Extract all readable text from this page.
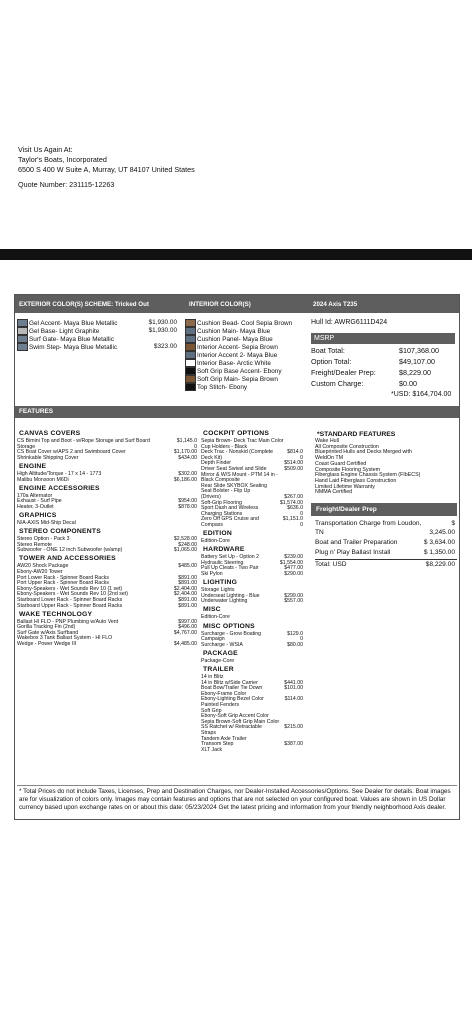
Visit Us Again At:
Taylor's Boats, Incorporated
6500 S 400 W Suite A, Murray, UT 84107 United States
Quote Number: 231115-12263
EXTERIOR COLOR(S) SCHEME: Tricked Out	INTERIOR COLOR(S)	2024 Axis T235
Gel Accent- Maya Blue Metallic	$1,930.00
Gel Base- Light Graphite	$1,930.00
Surf Gate- Maya Blue Metallic
Swim Step- Maya Blue Metallic	$323.00
Cushion Bead- Cool Sepia Brown
Cushion Main- Maya Blue
Cushion Panel- Maya Blue
Interior Accent- Sepia Brown
Interior Accent 2- Maya Blue
Interior Base- Arctic White
Soft Grip Base Accent- Ebony
Soft Grip Main- Sepia Brown
Top Stitch- Ebony
Hull Id: AWRG6111D424
MSRP
Boat Total:	$107,368.00
Option Total:	$49,107.00
Freight/Dealer Prep:	$8,229.00
Custom Charge:	$0.00
*USD: $164,704.00
FEATURES
CANVAS COVERS
CS Bimini Top and Boot - w/Rope Storage and Surf Board	$1,145.0
Storage	0
CS Boat Cover w/APS 2 and Swimboard Cover	$1,170.00
Shrinkable Shipping Cover	$434.00
ENGINE
High Altitude/Torque - 17 x 14 - 1773	$302.00
Malibu Monsoon M6Di	$6,186.00
ENGINE ACCESSORIES
170a Alternator
Exhaust - Surf Pipe	$954.00
Heater, 3-Outlet	$878.00
GRAPHICS
N/A-AXIS Mid-Ship Decal
STEREO COMPONENTS
Stereo Option - Pack 3	$2,528.00
Stereo Remote	$248.00
Subwoofer - ONE 12 inch Subwoofer (w/amp)	$1,065.00
TOWER AND ACCESSORIES
AW20 Shock Package	$485.00
Ebony-AW20 Tower
Port Lower Rack - Spinner Board Racks	$891.00
Port Upper Rack - Spinner Board Racks	$891.00
Ebony-Speakers - Wet Sounds Rev 10 (1 set)	$2,404.00
Ebony-Speakers - Wet Sounds Rev 10 (2nd set)	$2,404.00
Starboard Lower Rack - Spinner Board Racks	$891.00
Starboard Upper Rack - Spinner Board Racks	$891.00
WAKE TECHNOLOGY
Ballast HI FLO - PNP Plumbing w/Auto Vent	$997.00
Gorilla Tracking Fin (2nd)	$496.00
Surf Gate w/Axis Surfband	$4,767.00
Wakebox 3 Tank Ballast System - HI FLO
Wedge - Power Wedge III	$4,485.00
COCKPIT OPTIONS
Sepia Brown- Deck Trac Main Color
Cup Holders - Black
Deck Trac - Nonskid (Complete	$814.0
Deck Kit)	0
Depth Finder	$514.00
Driver Seat Swivel and Slide	$509.00
Mirror & W/S Mount - PTM 14 in -
Black Composite
Rear Slide SKYBOX Seating
Seat Bolster - Flip Up
(Drivers)	$267.00
Soft-Grip Flooring	$1,574.00
Sport Dash and Wireless	$636.0
Charging Stations	0
Zero Off GPS Cruise and	$1,151.0
Compass	0
EDITION
Edition-Core
HARDWARE
Battery Set Up - Option 2	$239.00
Hydraulic Steering	$1,554.00
Pull Up Cleats - Two Pair	$477.00
Ski Pylon	$290.00
LIGHTING
Storage Lights
Underseat Lighting - Blue	$299.00
Underwater Lighting	$557.00
MISC
Edition-Core
MISC OPTIONS
Surcharge - Grow Boating	$129.0
Campaign	0
Surcharge - WSIA	$80.00
PACKAGE
Package-Core
TRAILER
14 in Blitz
14 in Blitz w/Side Carrier	$441.00
Boat Bow/Trailer Tie Down	$101.00
Ebony-Frame Color
Ebony-Lighting Bezel Color	$114.00
Painted Fenders
Soft Grip
Ebony-Soft Grip Accent Color
Sepia Brown-Soft Grip Main Color
SS Ratchet w/ Retractable	$215.00
Straps
Tandem Axle Trailer
Transom Step	$387.00
XLT Jack
*STANDARD FEATURES
Wake Hull
All Composite Construction
Blueprinted Hulls and Decks Merged with
WeldOn TM
Coast Guard Certified
Composite Flooring System
Fiberglass Engine Chassis System (FIbECS)
Hand Laid Fiberglass Construction
Limited Lifetime Warranty
NMMA Certified
Freight/Dealer Prep
Transportation Charge from Loudon,	$
TN	3,245.00
Boat and Trailer Preparation	$ 3,634.00
Plug n' Play Ballast Install	$ 1,350.00
Total: USD	$8,229.00
* Total Prices do not include Taxes, Licenses, Prep and Destination Charges, nor Dealer-Installed Accessories/Options. See Dealer for details. Boat images are for visualization of colors only. Images may contain features and options that are not selected on your configured boat. Values are shown in US Dollar currency based upon exchange rates on or about this date: 05/23/2024 Get the latest pricing and information from your friendly neighborhood Axis dealer.
